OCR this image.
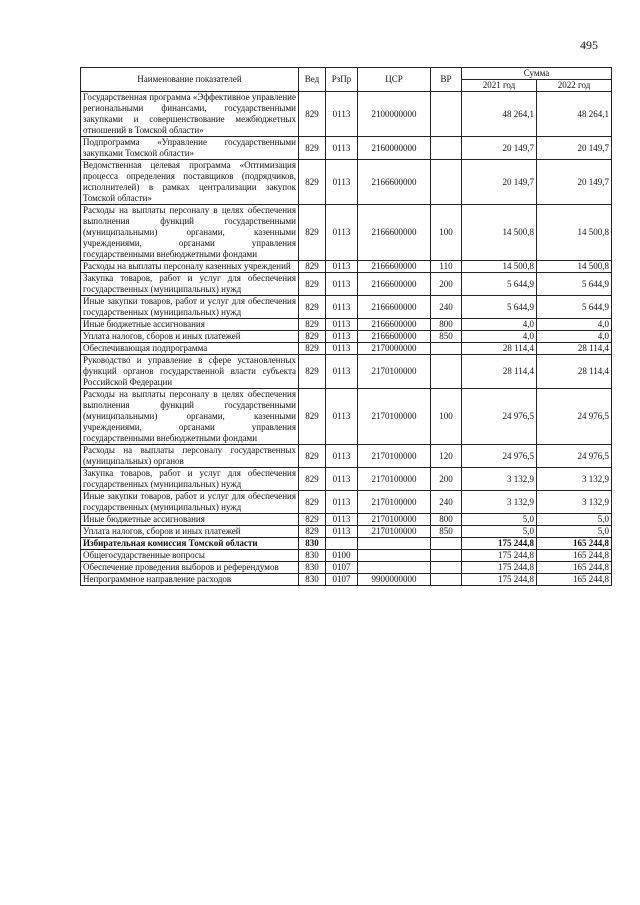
495
Наименование показателей	Вед	РзПр	ЦСР	ВР	Сумма	
					2021 год	2022 год
Государственная программа «Эффективное управление региональными финансами, государственными закупками и совершенствование межбюджетных отношений в Томской области»	829	0113	2100000000		48 264,1	48 264,1
Подпрограмма «Управление государственными закупками Томской области»	829	0113	2160000000		20 149,7	20 149,7
Ведомственная целевая программа «Оптимизация процесса определения поставщиков (подрядчиков, исполнителей) в рамках централизации закупок Томской области»	829	0113	2166600000		20 149,7	20 149,7
Расходы на выплаты персоналу в целях обеспечения выполнения функций государственными (муниципальными) органами, казенными учреждениями, органами управления государственными внебюджетными фондами	829	0113	2166600000	100	14 500,8	14 500,8
Расходы на выплаты персоналу казенных учреждений	829	0113	2166600000	110	14 500,8	14 500,8
Закупка товаров, работ и услуг для обеспечения государственных (муниципальных) нужд	829	0113	2166600000	200	5 644,9	5 644,9
Иные закупки товаров, работ и услуг для обеспечения государственных (муниципальных) нужд	829	0113	2166600000	240	5 644,9	5 644,9
Иные бюджетные ассигнования	829	0113	2166600000	800	4,0	4,0
Уплата налогов, сборов и иных платежей	829	0113	2166600000	850	4,0	4,0
Обеспечивающая подпрограмма	829	0113	2170000000		28 114,4	28 114,4
Руководство и управление в сфере установленных функций органов государственной власти субъекта Российской Федерации	829	0113	2170100000		28 114,4	28 114,4
Расходы на выплаты персоналу в целях обеспечения выполнения функций государственными (муниципальными) органами, казенными учреждениями, органами управления государственными внебюджетными фондами	829	0113	2170100000	100	24 976,5	24 976,5
Расходы на выплаты персоналу государственных (муниципальных) органов	829	0113	2170100000	120	24 976,5	24 976,5
Закупка товаров, работ и услуг для обеспечения государственных (муниципальных) нужд	829	0113	2170100000	200	3 132,9	3 132,9
Иные закупки товаров, работ и услуг для обеспечения государственных (муниципальных) нужд	829	0113	2170100000	240	3 132,9	3 132,9
Иные бюджетные ассигнования	829	0113	2170100000	800	5,0	5,0
Уплата налогов, сборов и иных платежей	829	0113	2170100000	850	5,0	5,0
Избирательная комиссия Томской области	830				175 244,8	165 244,8
Общегосударственные вопросы	830	0100			175 244,8	165 244,8
Обеспечение проведения выборов и референдумов	830	0107			175 244,8	165 244,8
Непрограммное направление расходов	830	0107	9900000000		175 244,8	165 244,8
